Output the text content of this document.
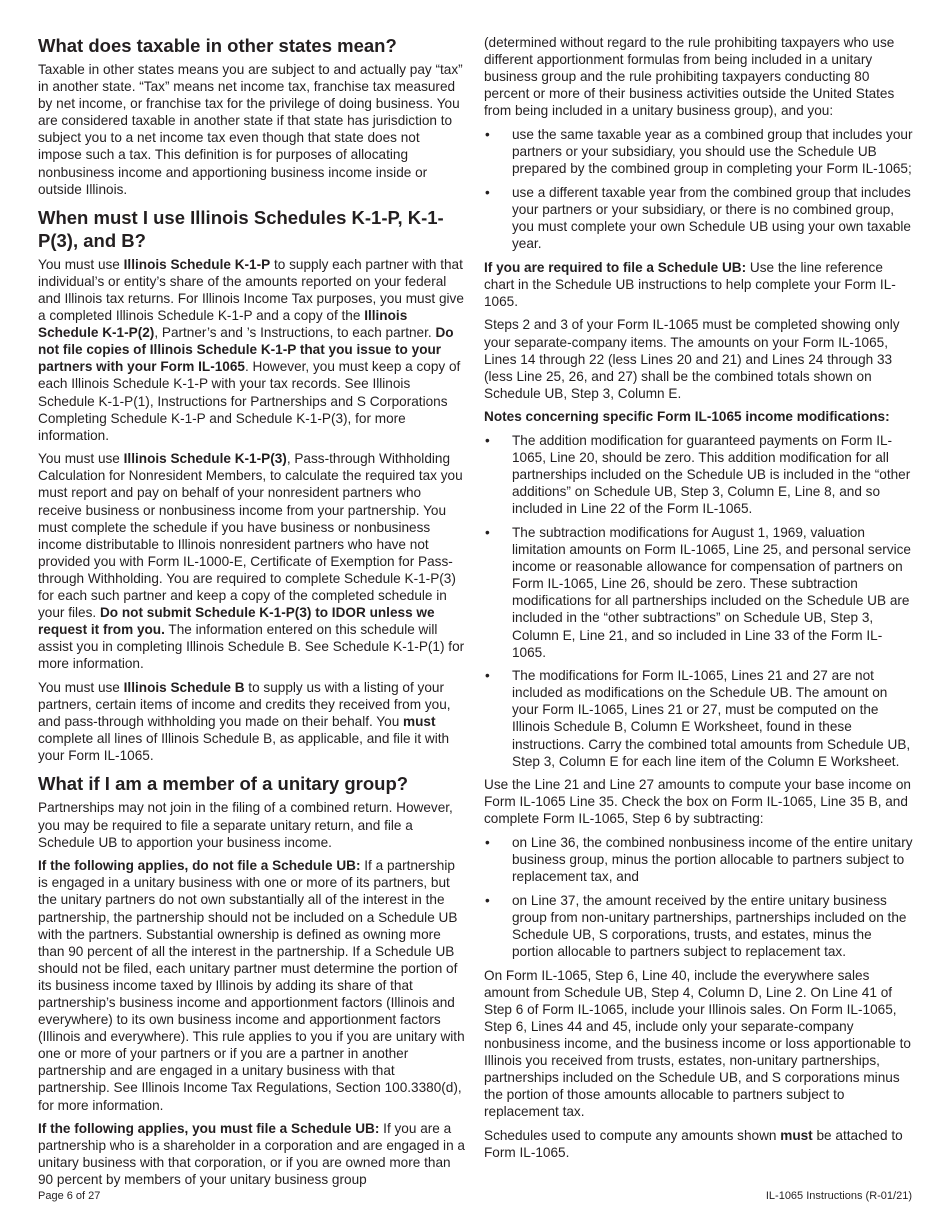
What does taxable in other states mean?

Taxable in other states means you are subject to and actually pay “tax” in another state. “Tax” means net income tax, franchise tax measured by net income, or franchise tax for the privilege of doing business. You are considered taxable in another state if that state has jurisdiction to subject you to a net income tax even though that state does not impose such a tax. This definition is for purposes of allocating nonbusiness income and apportioning business income inside or outside Illinois.

When must I use Illinois Schedules K-1-P, K-1-P(3), and B?

You must use Illinois Schedule K-1-P to supply each partner with that individual’s or entity’s share of the amounts reported on your federal and Illinois tax returns. For Illinois Income Tax purposes, you must give a completed Illinois Schedule K-1-P and a copy of the Illinois Schedule K-1-P(2), Partner’s and ’s Instructions, to each partner. Do not file copies of Illinois Schedule K-1-P that you issue to your partners with your Form IL-1065. However, you must keep a copy of each Illinois Schedule K-1-P with your tax records. See Illinois Schedule K-1-P(1), Instructions for Partnerships and S Corporations Completing Schedule K-1-P and Schedule K-1-P(3), for more information.

You must use Illinois Schedule K-1-P(3), Pass-through Withholding Calculation for Nonresident Members, to calculate the required tax you must report and pay on behalf of your nonresident partners who receive business or nonbusiness income from your partnership. You must complete the schedule if you have business or nonbusiness income distributable to Illinois nonresident partners who have not provided you with Form IL-1000-E, Certificate of Exemption for Pass-through Withholding. You are required to complete Schedule K-1-P(3) for each such partner and keep a copy of the completed schedule in your files. Do not submit Schedule K-1-P(3) to IDOR unless we request it from you. The information entered on this schedule will assist you in completing Illinois Schedule B. See Schedule K-1-P(1) for more information.

You must use Illinois Schedule B to supply us with a listing of your partners, certain items of income and credits they received from you, and pass-through withholding you made on their behalf. You must complete all lines of Illinois Schedule B, as applicable, and file it with your Form IL-1065.

What if I am a member of a unitary group?

Partnerships may not join in the filing of a combined return. However, you may be required to file a separate unitary return, and file a Schedule UB to apportion your business income.

If the following applies, do not file a Schedule UB: If a partnership is engaged in a unitary business with one or more of its partners, but the unitary partners do not own substantially all of the interest in the partnership, the partnership should not be included on a Schedule UB with the partners. Substantial ownership is defined as owning more than 90 percent of all the interest in the partnership. If a Schedule UB should not be filed, each unitary partner must determine the portion of its business income taxed by Illinois by adding its share of that partnership’s business income and apportionment factors (Illinois and everywhere) to its own business income and apportionment factors (Illinois and everywhere). This rule applies to you if you are unitary with one or more of your partners or if you are a partner in another partnership and are engaged in a unitary business with that partnership. See Illinois Income Tax Regulations, Section 100.3380(d), for more information.

If the following applies, you must file a Schedule UB: If you are a partnership who is a shareholder in a corporation and are engaged in a unitary business with that corporation, or if you are owned more than 90 percent by members of your unitary business group

(determined without regard to the rule prohibiting taxpayers who use different apportionment formulas from being included in a unitary business group and the rule prohibiting taxpayers conducting 80 percent or more of their business activities outside the United States from being included in a unitary business group), and you:

• use the same taxable year as a combined group that includes your partners or your subsidiary, you should use the Schedule UB prepared by the combined group in completing your Form IL-1065;
• use a different taxable year from the combined group that includes your partners or your subsidiary, or there is no combined group, you must complete your own Schedule UB using your own taxable year.

If you are required to file a Schedule UB: Use the line reference chart in the Schedule UB instructions to help complete your Form IL-1065.

Steps 2 and 3 of your Form IL-1065 must be completed showing only your separate-company items. The amounts on your Form IL-1065, Lines 14 through 22 (less Lines 20 and 21) and Lines 24 through 33 (less Line 25, 26, and 27) shall be the combined totals shown on Schedule UB, Step 3, Column E.

Notes concerning specific Form IL-1065 income modifications:

• The addition modification for guaranteed payments on Form IL-1065, Line 20, should be zero. This addition modification for all partnerships included on the Schedule UB is included in the “other additions” on Schedule UB, Step 3, Column E, Line 8, and so included in Line 22 of the Form IL-1065.
• The subtraction modifications for August 1, 1969, valuation limitation amounts on Form IL-1065, Line 25, and personal service income or reasonable allowance for compensation of partners on Form IL-1065, Line 26, should be zero. These subtraction modifications for all partnerships included on the Schedule UB are included in the “other subtractions” on Schedule UB, Step 3, Column E, Line 21, and so included in Line 33 of the Form IL-1065.
• The modifications for Form IL-1065, Lines 21 and 27 are not included as modifications on the Schedule UB. The amount on your Form IL-1065, Lines 21 or 27, must be computed on the Illinois Schedule B, Column E Worksheet, found in these instructions. Carry the combined total amounts from Schedule UB, Step 3, Column E for each line item of the Column E Worksheet.

Use the Line 21 and Line 27 amounts to compute your base income on Form IL-1065 Line 35. Check the box on Form IL-1065, Line 35 B, and complete Form IL-1065, Step 6 by subtracting:

• on Line 36, the combined nonbusiness income of the entire unitary business group, minus the portion allocable to partners subject to replacement tax, and
• on Line 37, the amount received by the entire unitary business group from non-unitary partnerships, partnerships included on the Schedule UB, S corporations, trusts, and estates, minus the portion allocable to partners subject to replacement tax.

On Form IL-1065, Step 6, Line 40, include the everywhere sales amount from Schedule UB, Step 4, Column D, Line 2. On Line 41 of Step 6 of Form IL-1065, include your Illinois sales. On Form IL-1065, Step 6, Lines 44 and 45, include only your separate-company nonbusiness income, and the business income or loss apportionable to Illinois you received from trusts, estates, non-unitary partnerships, partnerships included on the Schedule UB, and S corporations minus the portion of those amounts allocable to partners subject to replacement tax.

Schedules used to compute any amounts shown must be attached to Form IL-1065.

Page 6 of 27	IL-1065 Instructions (R-01/21)
